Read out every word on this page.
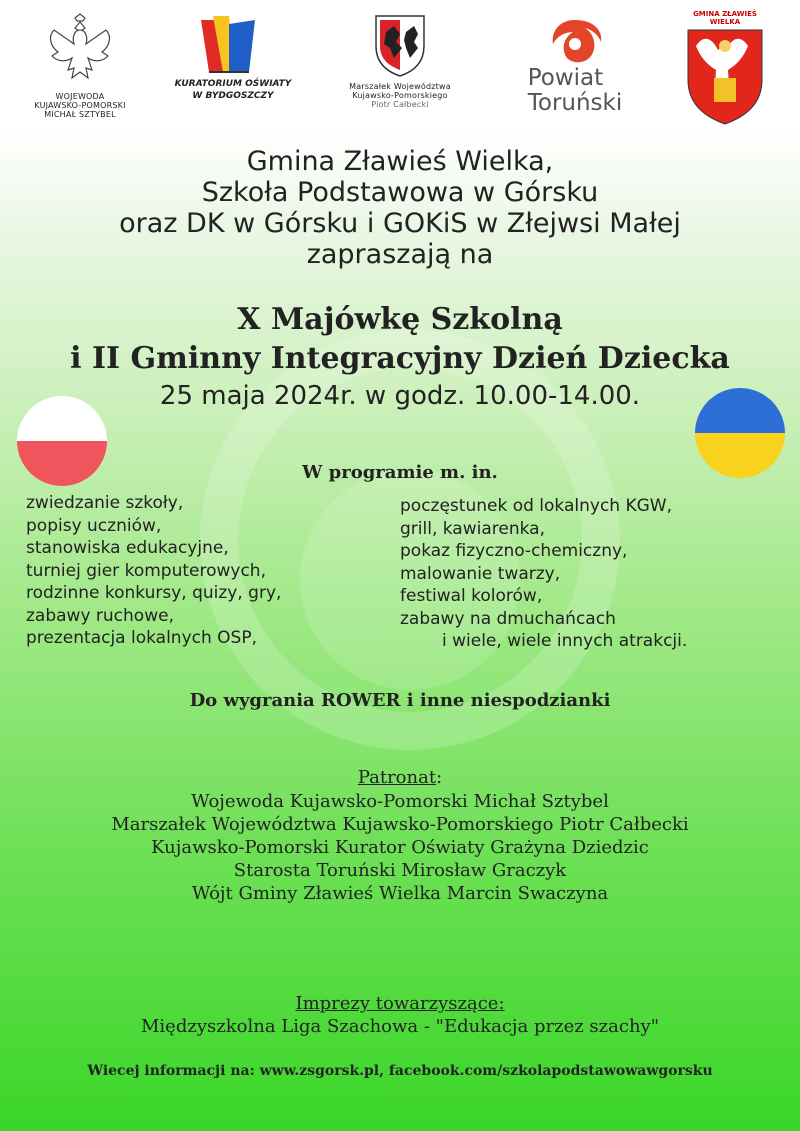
WOJEWODA
KUJAWSKO-POMORSKI
MICHAŁ SZTYBEL
KURATORIUM OŚWIATY
W BYDGOSZCZY
Marszałek Województwa
Kujawsko-Pomorskiego
Piotr Całbecki
Powiat
Toruński
GMINA ZŁAWIEŚ WIELKA
Gmina Zławieś Wielka,
Szkoła Podstawowa w Górsku
oraz DK w Górsku i GOKiS w Złejwsi Małej
zapraszają na
X Majówkę Szkolną
i II Gminny Integracyjny Dzień Dziecka
25 maja 2024r. w godz. 10.00-14.00.
W programie m. in.
zwiedzanie szkoły,
popisy uczniów,
stanowiska edukacyjne,
turniej gier komputerowych,
rodzinne konkursy, quizy, gry,
zabawy ruchowe,
prezentacja lokalnych OSP,
poczęstunek od lokalnych KGW,
grill, kawiarenka,
pokaz fizyczno-chemiczny,
malowanie twarzy,
festiwal kolorów,
zabawy na dmuchańcach
i wiele, wiele innych atrakcji.
Do wygrania ROWER i inne niespodzianki
Patronat:
Wojewoda Kujawsko-Pomorski Michał Sztybel
Marszałek Województwa Kujawsko-Pomorskiego Piotr Całbecki
Kujawsko-Pomorski Kurator Oświaty Grażyna Dziedzic
Starosta Toruński Mirosław Graczyk
Wójt Gminy Zławieś Wielka Marcin Swaczyna
Imprezy towarzyszące:
Międzyszkolna Liga Szachowa - "Edukacja przez szachy"
Wiecej informacji na: www.zsgorsk.pl, facebook.com/szkolapodstawowawgorsku
